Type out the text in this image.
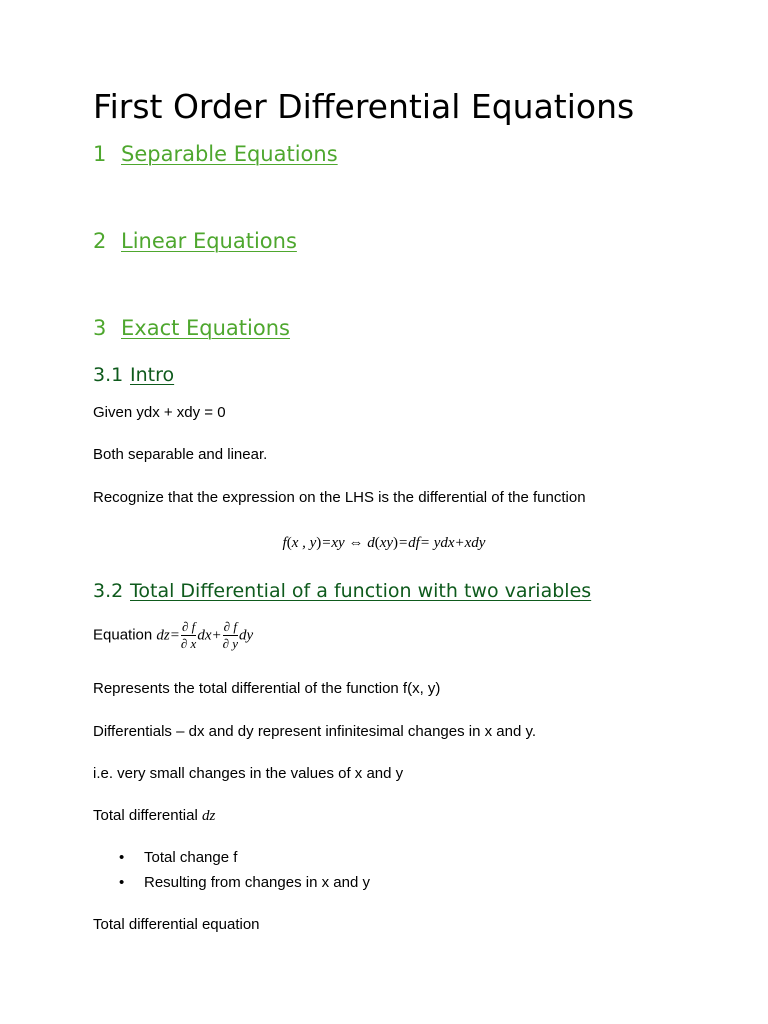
First Order Differential Equations
1 Separable Equations
2 Linear Equations
3 Exact Equations
3.1 Intro
Given ydx + xdy = 0
Both separable and linear.
Recognize that the expression on the LHS is the differential of the function
f(x , y)=xy ⇔ d(xy)=df= ydx+xdy
3.2 Total Differential of a function with two variables
Equation $dz= \frac{\partial f}{\partial x} dx+ \frac{\partial f}{\partial y}$ dy
Represents the total differential of the function f(x, y)
Differentials – dx and dy represent infinitesimal changes in x and y.
i.e. very small changes in the values of x and y
Total differential dz
• Total change f
• Resulting from changes in x and y
Total differential equation
